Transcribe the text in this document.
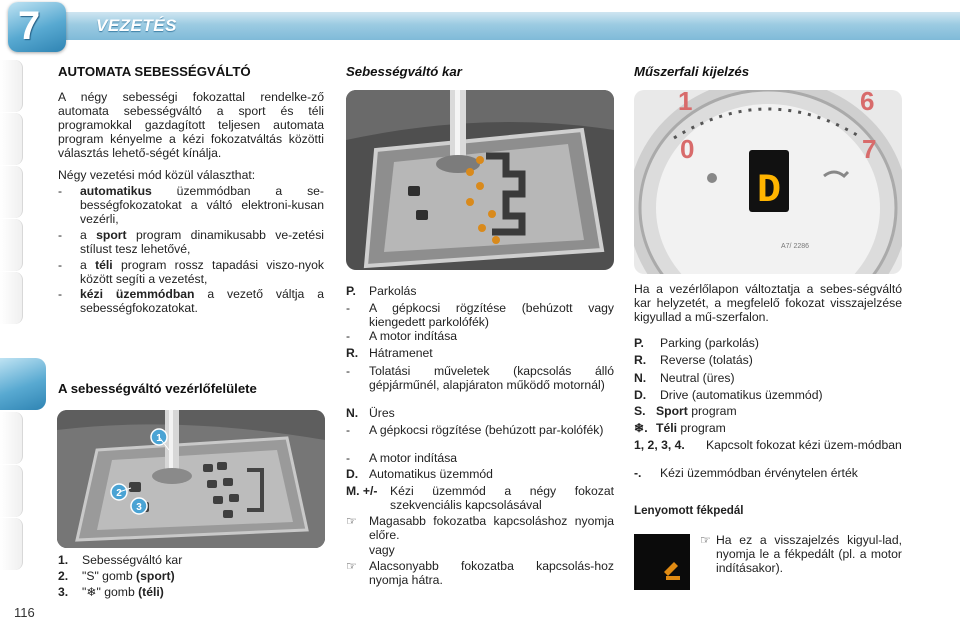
7	VEZETÉS
AUTOMATA SEBESSÉGVÁLTÓ
A négy sebességi fokozattal rendelke-ző automata sebességváltó a sport és téli programokkal gazdagított teljesen automata program kényelme a kézi fokozatváltás közötti választás lehető-ségét kínálja.
Négy vezetési mód közül választhat:
- automatikus üzemmódban a se-bességfokozatokat a váltó elektroni-kusan vezérli,
- a sport program dinamikusabb ve-zetési stílust tesz lehetővé,
- a téli program rossz tapadási viszo-nyok között segíti a vezetést,
- kézi üzemmódban a vezető váltja a sebességfokozatokat.
A sebességváltó vezérlőfelülete
1
2
3
1. Sebességváltó kar
2. "S" gomb (sport)
3. "❄" gomb (téli)
Sebességváltó kar
P. Parkolás
- A gépkocsi rögzítése (behúzott vagy kiengedett parkolófék)
- A motor indítása
R. Hátramenet
- Tolatási műveletek (kapcsolás álló gépjárműnél, alapjáraton működő motornál)
N. Üres
- A gépkocsi rögzítése (behúzott par-kolófék)
- A motor indítása
D. Automatikus üzemmód
M. +/- Kézi üzemmód a négy fokozat szekvenciális kapcsolásával
☞ Magasabb fokozatba kapcsoláshoz nyomja előre.
vagy
☞ Alacsonyabb fokozatba kapcsolás-hoz nyomja hátra.
Műszerfali kijelzés
1
0
6
7
D
A7/ 2286
Ha a vezérlőlapon változtatja a sebes-ségváltó kar helyzetét, a megfelelő fokozat visszajelzése kigyullad a mű-szerfalon.
P. Parking (parkolás)
R. Reverse (tolatás)
N. Neutral (üres)
D. Drive (automatikus üzemmód)
S. Sport program
❄. Téli program
1, 2, 3, 4. Kapcsolt fokozat kézi üzem-módban
-. Kézi üzemmódban érvénytelen érték
Lenyomott fékpedál
☞ Ha ez a visszajelzés kigyul-lad, nyomja le a fékpedált (pl. a motor indításakor).
116
